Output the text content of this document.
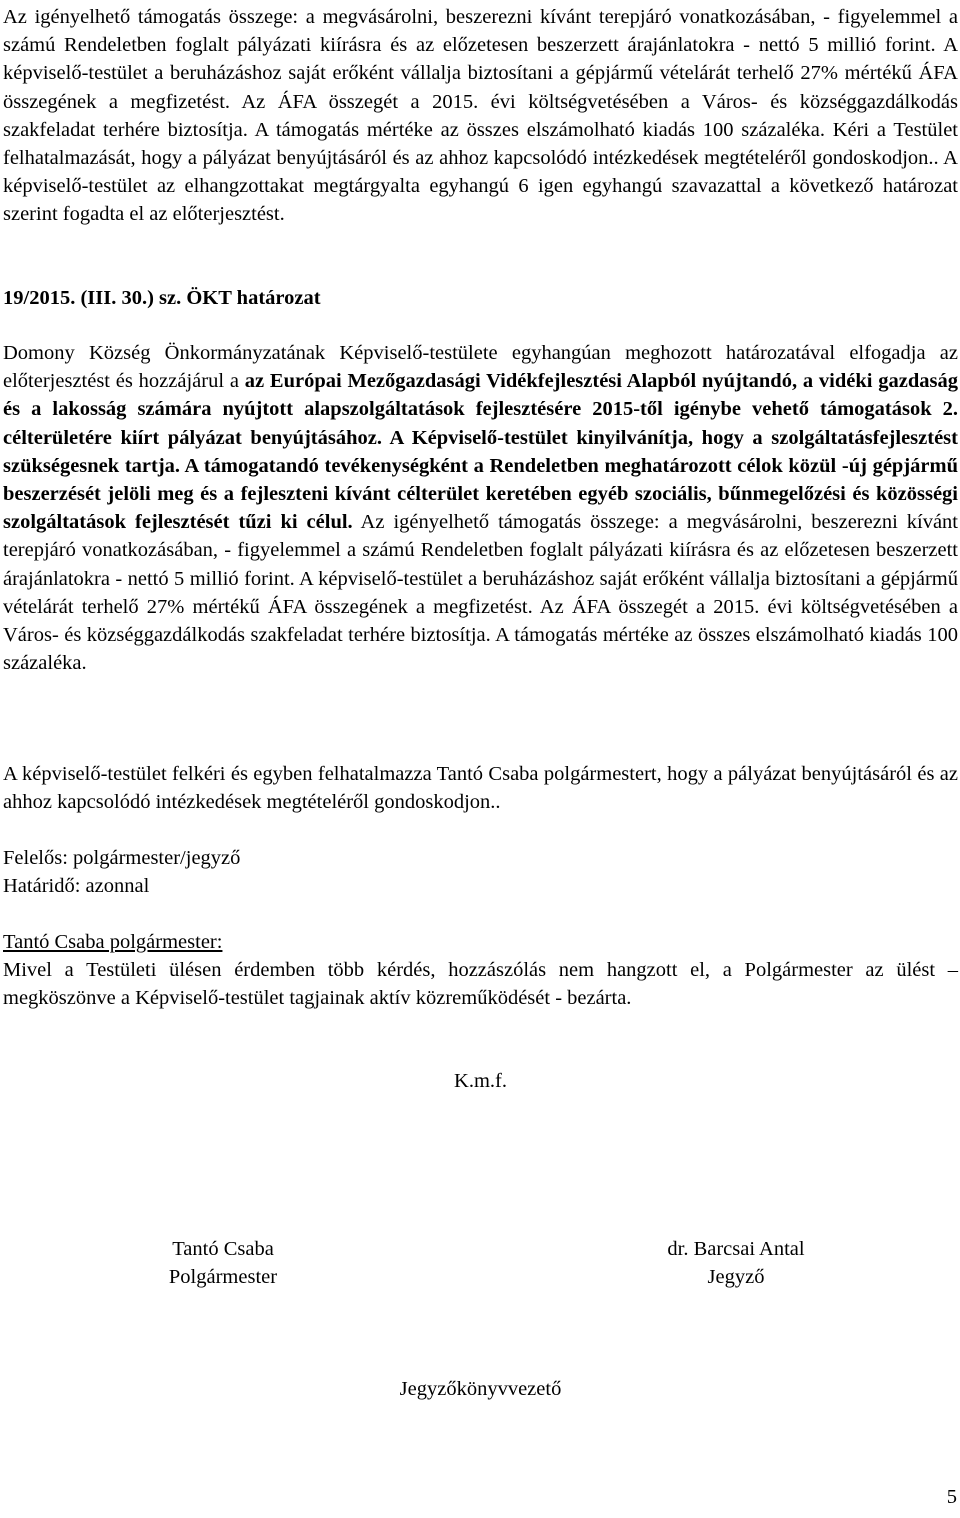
Az igényelhető támogatás összege: a megvásárolni, beszerezni kívánt terepjáró vonatkozásában, - figyelemmel a számú Rendeletben foglalt pályázati kiírásra és az előzetesen beszerzett árajánlatokra - nettó 5 millió forint. A képviselő-testület a beruházáshoz saját erőként vállalja biztosítani a gépjármű vételárát terhelő 27% mértékű ÁFA összegének a megfizetést. Az ÁFA összegét a 2015. évi költségvetésében a Város- és községgazdálkodás szakfeladat terhére biztosítja. A támogatás mértéke az összes elszámolható kiadás 100 százaléka. Kéri a Testület felhatalmazását, hogy a pályázat benyújtásáról és az ahhoz kapcsolódó intézkedések megtételéről gondoskodjon.. A képviselő-testület az elhangzottakat megtárgyalta egyhangú 6 igen egyhangú szavazattal a következő határozat szerint fogadta el az előterjesztést.

19/2015. (III. 30.) sz. ÖKT határozat

Domony Község Önkormányzatának Képviselő-testülete egyhangúan meghozott határozatával elfogadja az előterjesztést és hozzájárul a az Európai Mezőgazdasági Vidékfejlesztési Alapból nyújtandó, a vidéki gazdaság és a lakosság számára nyújtott alapszolgáltatások fejlesztésére 2015-től igénybe vehető támogatások 2. célterületére kiírt pályázat benyújtásához. A Képviselő-testület kinyilvánítja, hogy a szolgáltatásfejlesztést szükségesnek tartja. A támogatandó tevékenységként a Rendeletben meghatározott célok közül -új gépjármű beszerzését jelöli meg és a fejleszteni kívánt célterület keretében egyéb szociális, bűnmegelőzési és közösségi szolgáltatások fejlesztését tűzi ki célul. Az igényelhető támogatás összege: a megvásárolni, beszerezni kívánt terepjáró vonatkozásában, - figyelemmel a számú Rendeletben foglalt pályázati kiírásra és az előzetesen beszerzett árajánlatokra - nettó 5 millió forint. A képviselő-testület a beruházáshoz saját erőként vállalja biztosítani a gépjármű vételárát terhelő 27% mértékű ÁFA összegének a megfizetést. Az ÁFA összegét a 2015. évi költségvetésében a Város- és községgazdálkodás szakfeladat terhére biztosítja. A támogatás mértéke az összes elszámolható kiadás 100 százaléka.

A képviselő-testület felkéri és egyben felhatalmazza Tantó Csaba polgármestert, hogy a pályázat benyújtásáról és az ahhoz kapcsolódó intézkedések megtételéről gondoskodjon..

Felelős: polgármester/jegyző

Határidő: azonnal

Tantó Csaba polgármester:

Mivel a Testületi ülésen érdemben több kérdés, hozzászólás nem hangzott el, a Polgármester az ülést – megköszönve a Képviselő-testület tagjainak aktív közreműködését - bezárta.

K.m.f.

Tantó Csaba
Polgármester
dr. Barcsai Antal
Jegyző

Jegyzőkönyvvezető

5
